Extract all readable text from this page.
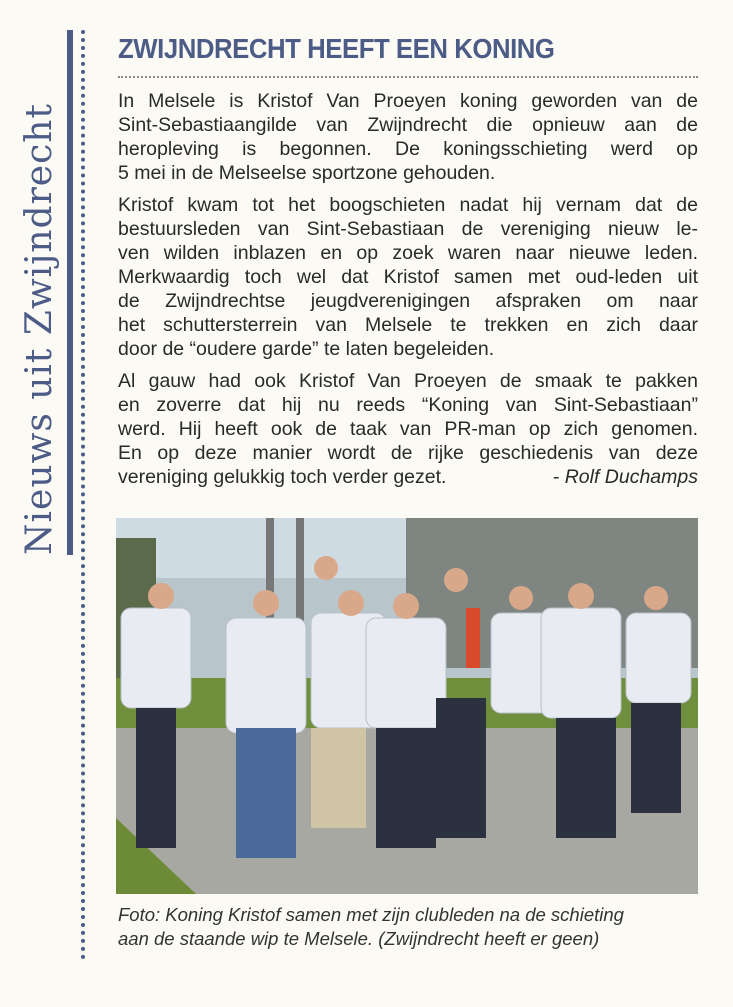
Nieuws uit Zwijndrecht
ZWIJNDRECHT HEEFT EEN KONING
In Melsele is Kristof Van Proeyen koning geworden van de
Sint-Sebastiaangilde van Zwijndrecht die opnieuw aan de
heropleving is begonnen. De koningsschieting werd op
5 mei in de Melseelse sportzone gehouden.
Kristof kwam tot het boogschieten nadat hij vernam dat de
bestuursleden van Sint-Sebastiaan de vereniging nieuw le-
ven wilden inblazen en op zoek waren naar nieuwe leden.
Merkwaardig toch wel dat Kristof samen met oud-leden uit
de Zwijndrechtse jeugdverenigingen afspraken om naar
het schuttersterrein van Melsele te trekken en zich daar
door de “oudere garde” te laten begeleiden.
Al gauw had ook Kristof Van Proeyen de smaak te pakken
en zoverre dat hij nu reeds “Koning van Sint-Sebastiaan”
werd. Hij heeft ook de taak van PR-man op zich genomen.
En op deze manier wordt de rijke geschiedenis van deze
vereniging gelukkig toch verder gezet.	- Rolf Duchamps
Foto: Koning Kristof samen met zijn clubleden na de schieting
aan de staande wip te Melsele. (Zwijndrecht heeft er geen)
